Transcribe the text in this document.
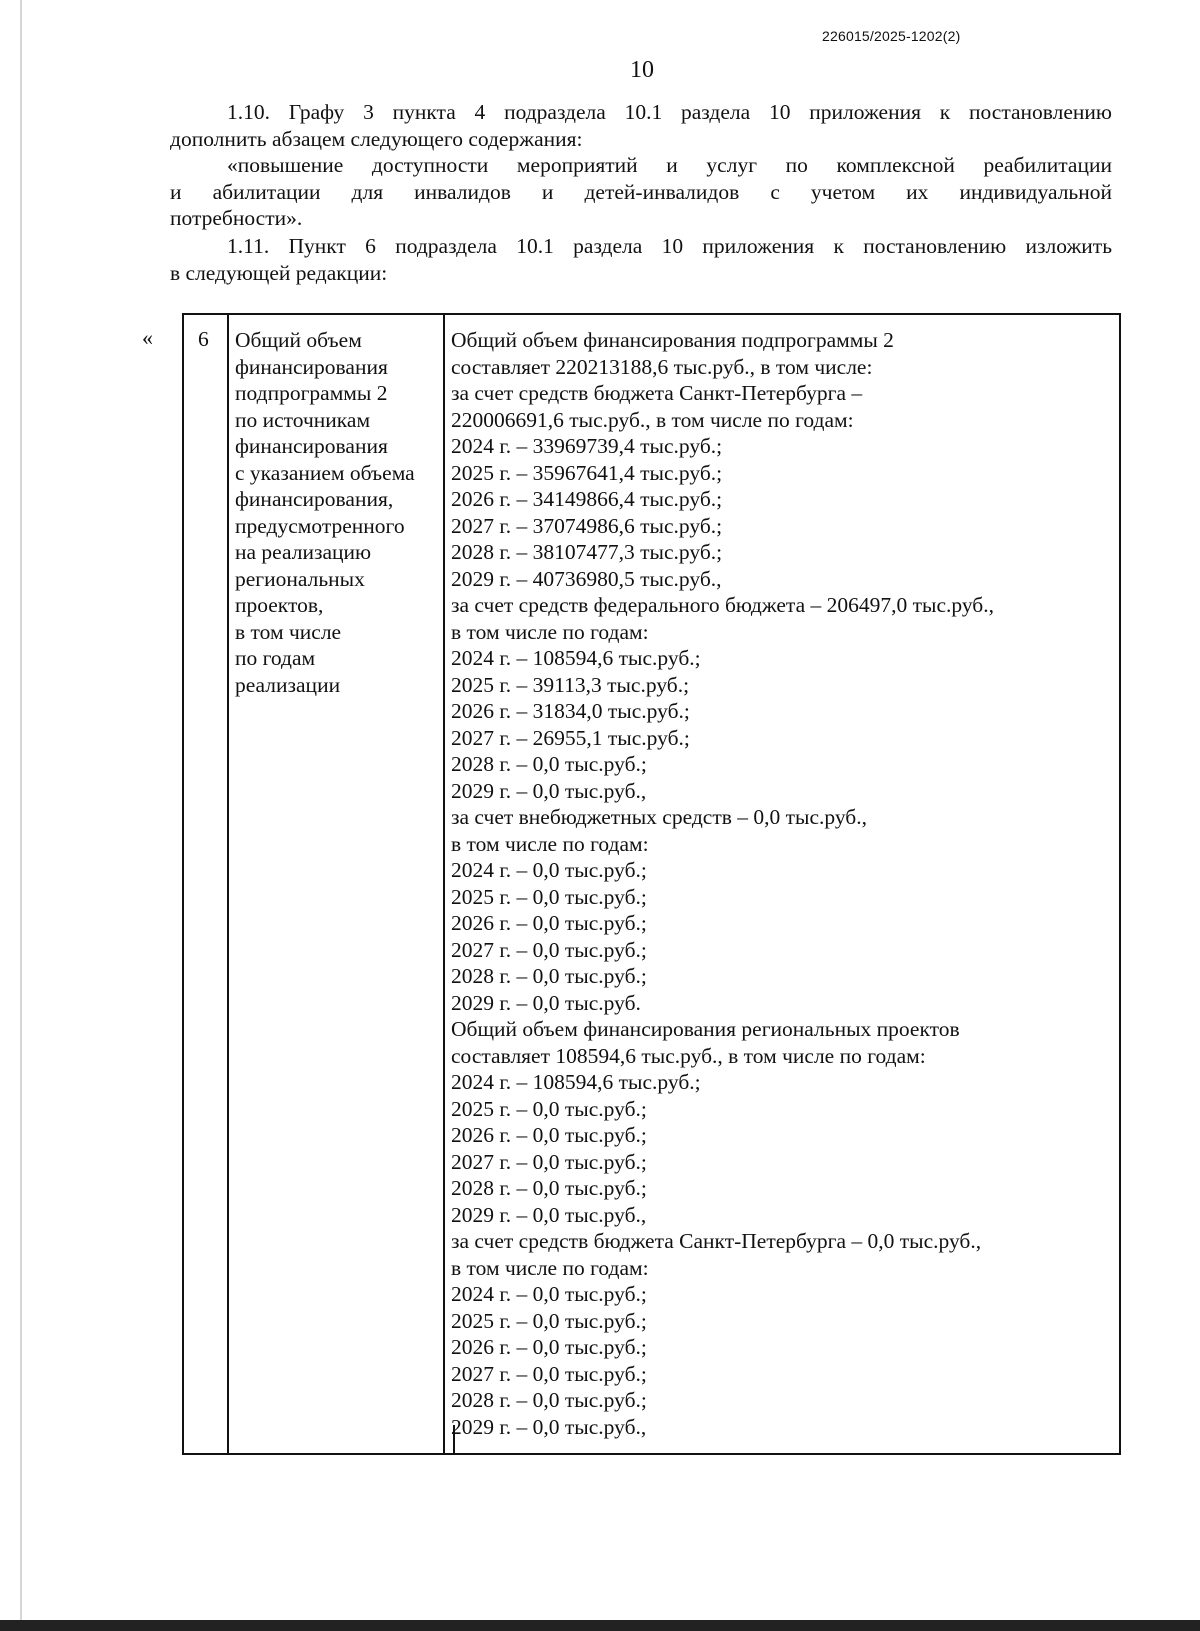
226015/2025-1202(2)
10
1.10. Графу 3 пункта 4 подраздела 10.1 раздела 10 приложения к постановлению
дополнить абзацем следующего содержания:
«повышение доступности мероприятий и услуг по комплексной реабилитации
и абилитации для инвалидов и детей-инвалидов с учетом их индивидуальной
потребности».
1.11. Пункт 6 подраздела 10.1 раздела 10 приложения к постановлению изложить
в следующей редакции:
« 6 Общий объем
финансирования
подпрограммы 2
по источникам
финансирования
с указанием объема
финансирования,
предусмотренного
на реализацию
региональных
проектов,
в том числе
по годам
реализации
Общий объем финансирования подпрограммы 2
составляет 220213188,6 тыс.руб., в том числе:
за счет средств бюджета Санкт-Петербурга –
220006691,6 тыс.руб., в том числе по годам:
2024 г. – 33969739,4 тыс.руб.;
2025 г. – 35967641,4 тыс.руб.;
2026 г. – 34149866,4 тыс.руб.;
2027 г. – 37074986,6 тыс.руб.;
2028 г. – 38107477,3 тыс.руб.;
2029 г. – 40736980,5 тыс.руб.,
за счет средств федерального бюджета – 206497,0 тыс.руб.,
в том числе по годам:
2024 г. – 108594,6 тыс.руб.;
2025 г. – 39113,3 тыс.руб.;
2026 г. – 31834,0 тыс.руб.;
2027 г. – 26955,1 тыс.руб.;
2028 г. – 0,0 тыс.руб.;
2029 г. – 0,0 тыс.руб.,
за счет внебюджетных средств – 0,0 тыс.руб.,
в том числе по годам:
2024 г. – 0,0 тыс.руб.;
2025 г. – 0,0 тыс.руб.;
2026 г. – 0,0 тыс.руб.;
2027 г. – 0,0 тыс.руб.;
2028 г. – 0,0 тыс.руб.;
2029 г. – 0,0 тыс.руб.
Общий объем финансирования региональных проектов
составляет 108594,6 тыс.руб., в том числе по годам:
2024 г. – 108594,6 тыс.руб.;
2025 г. – 0,0 тыс.руб.;
2026 г. – 0,0 тыс.руб.;
2027 г. – 0,0 тыс.руб.;
2028 г. – 0,0 тыс.руб.;
2029 г. – 0,0 тыс.руб.,
за счет средств бюджета Санкт-Петербурга – 0,0 тыс.руб.,
в том числе по годам:
2024 г. – 0,0 тыс.руб.;
2025 г. – 0,0 тыс.руб.;
2026 г. – 0,0 тыс.руб.;
2027 г. – 0,0 тыс.руб.;
2028 г. – 0,0 тыс.руб.;
2029 г. – 0,0 тыс.руб.,
